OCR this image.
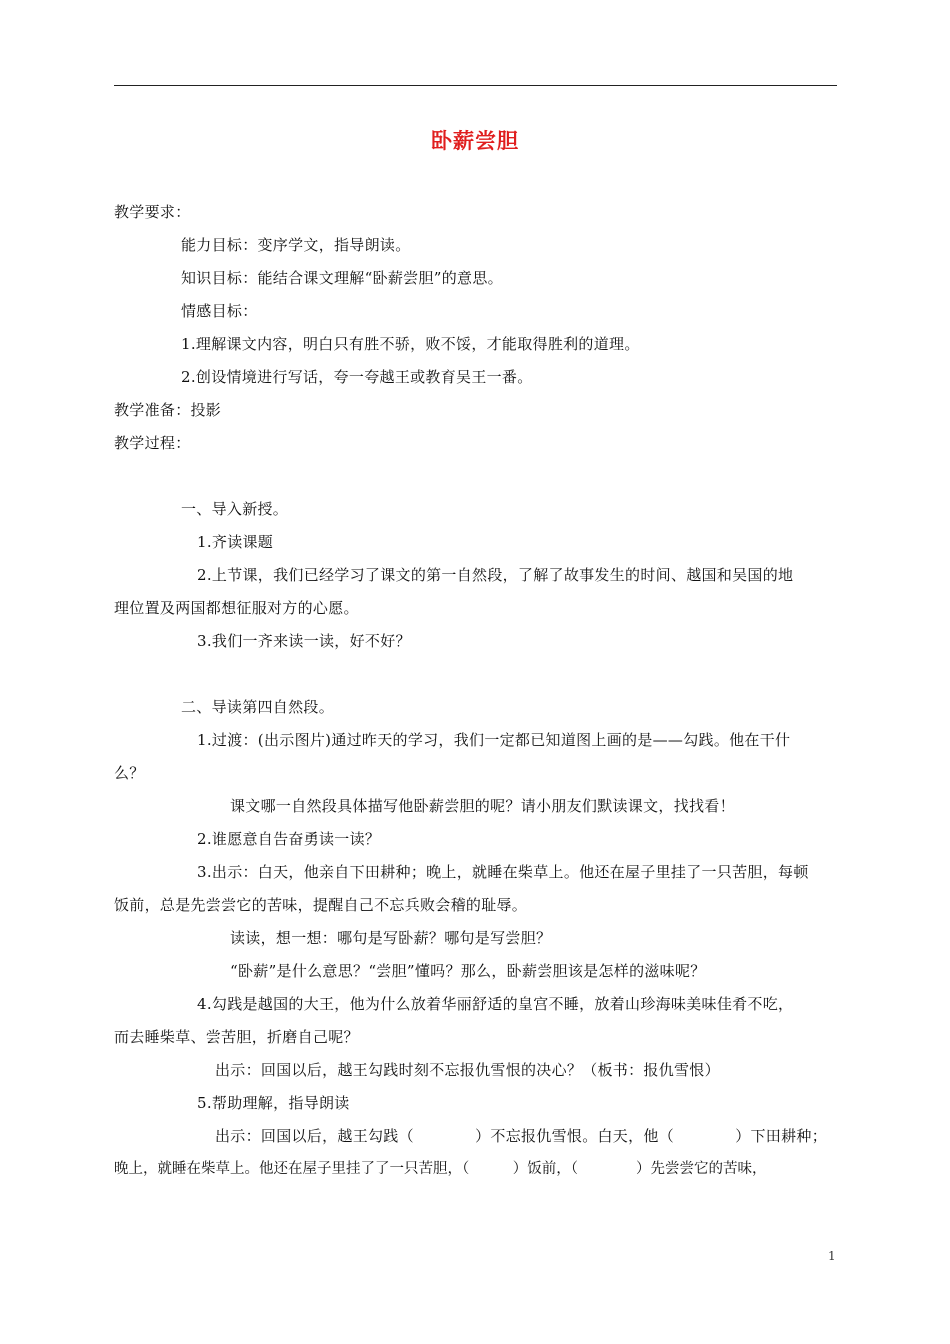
卧薪尝胆
教学要求：
能力目标：变序学文，指导朗读。
知识目标：能结合课文理解“卧薪尝胆”的意思。
情感目标：
1.理解课文内容，明白只有胜不骄，败不馁，才能取得胜利的道理。
2.创设情境进行写话，夸一夸越王或教育吴王一番。
教学准备：投影
教学过程：
一、导入新授。
1.齐读课题
2.上节课，我们已经学习了课文的第一自然段，了解了故事发生的时间、越国和吴国的地
理位置及两国都想征服对方的心愿。
3.我们一齐来读一读，好不好？
二、导读第四自然段。
1.过渡：(出示图片)通过昨天的学习，我们一定都已知道图上画的是——勾践。他在干什
么？
课文哪一自然段具体描写他卧薪尝胆的呢？请小朋友们默读课文，找找看！
2.谁愿意自告奋勇读一读？
3.出示：白天，他亲自下田耕种；晚上，就睡在柴草上。他还在屋子里挂了一只苦胆，每顿
饭前，总是先尝尝它的苦味，提醒自己不忘兵败会稽的耻辱。
读读，想一想：哪句是写卧薪？哪句是写尝胆？
“卧薪”是什么意思？“尝胆”懂吗？那么，卧薪尝胆该是怎样的滋味呢？
4.勾践是越国的大王，他为什么放着华丽舒适的皇宫不睡，放着山珍海味美味佳肴不吃，
而去睡柴草、尝苦胆，折磨自己呢？
出示：回国以后，越王勾践时刻不忘报仇雪恨的决心？（板书：报仇雪恨）
5.帮助理解，指导朗读
出示：回国以后，越王勾践（　　　　）不忘报仇雪恨。白天，他（　　　　）下田耕种；
晚上，就睡在柴草上。他还在屋子里挂了了一只苦胆，（　　　）饭前，（　　　　）先尝尝它的苦味，
1
